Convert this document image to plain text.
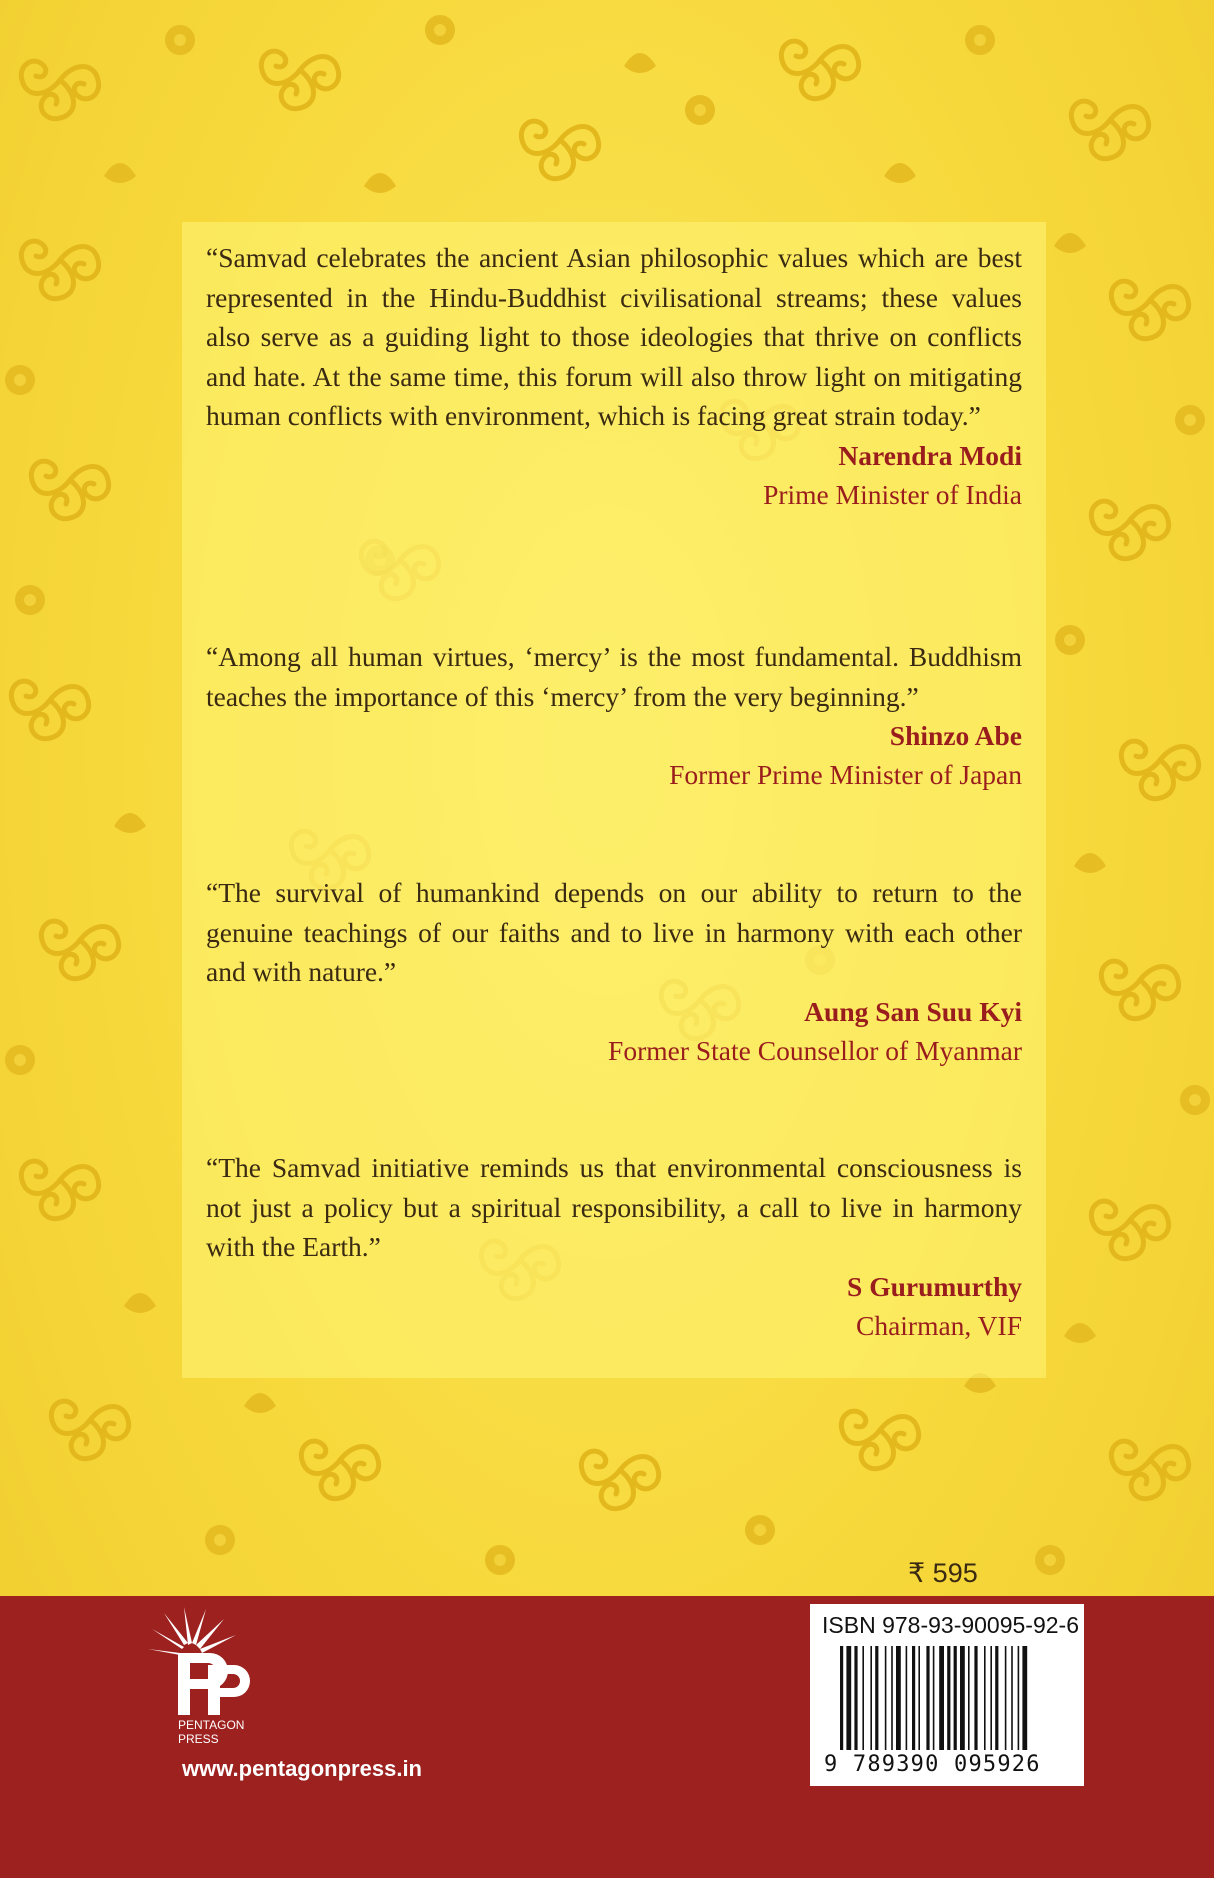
“Samvad celebrates the ancient Asian philosophic values which are best represented in the Hindu-Buddhist civilisational streams; these values also serve as a guiding light to those ideologies that thrive on conflicts and hate. At the same time, this forum will also throw light on mitigating human conflicts with environment, which is facing great strain today.”

Narendra Modi

Prime Minister of India

“Among all human virtues, ‘mercy’ is the most fundamental. Buddhism teaches the importance of this ‘mercy’ from the very beginning.”

Shinzo Abe

Former Prime Minister of Japan

“The survival of humankind depends on our ability to return to the genuine teachings of our faiths and to live in harmony with each other and with nature.”

Aung San Suu Kyi

Former State Counsellor of Myanmar

“The Samvad initiative reminds us that environmental consciousness is not just a policy but a spiritual responsibility, a call to live in harmony with the Earth.”

S Gurumurthy

Chairman, VIF

₹ 595
PENTAGON
PRESS
www.pentagonpress.in
ISBN 978-93-90095-92-6
9 789390 095926
